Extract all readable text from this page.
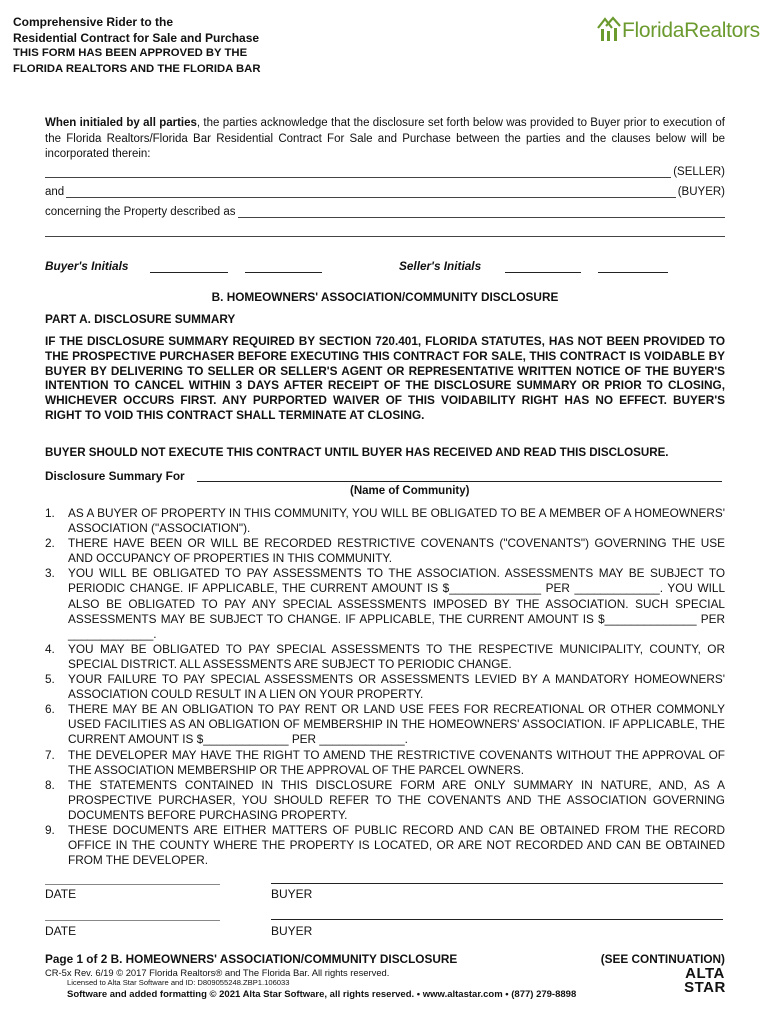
Comprehensive Rider to the
Residential Contract for Sale and Purchase
THIS FORM HAS BEEN APPROVED BY THE
FLORIDA REALTORS AND THE FLORIDA BAR
FloridaRealtors
When initialed by all parties, the parties acknowledge that the disclosure set forth below was provided to Buyer prior to execution of the Florida Realtors/Florida Bar Residential Contract For Sale and Purchase between the parties and the clauses below will be incorporated therein:
(SELLER)
and	(BUYER)
concerning the Property described as
Buyer's Initials	Seller's Initials
B. HOMEOWNERS' ASSOCIATION/COMMUNITY DISCLOSURE
PART A. DISCLOSURE SUMMARY
IF THE DISCLOSURE SUMMARY REQUIRED BY SECTION 720.401, FLORIDA STATUTES, HAS NOT BEEN PROVIDED TO THE PROSPECTIVE PURCHASER BEFORE EXECUTING THIS CONTRACT FOR SALE, THIS CONTRACT IS VOIDABLE BY BUYER BY DELIVERING TO SELLER OR SELLER'S AGENT OR REPRESENTATIVE WRITTEN NOTICE OF THE BUYER'S INTENTION TO CANCEL WITHIN 3 DAYS AFTER RECEIPT OF THE DISCLOSURE SUMMARY OR PRIOR TO CLOSING, WHICHEVER OCCURS FIRST. ANY PURPORTED WAIVER OF THIS VOIDABILITY RIGHT HAS NO EFFECT. BUYER'S RIGHT TO VOID THIS CONTRACT SHALL TERMINATE AT CLOSING.
BUYER SHOULD NOT EXECUTE THIS CONTRACT UNTIL BUYER HAS RECEIVED AND READ THIS DISCLOSURE.
Disclosure Summary For
(Name of Community)
1.	AS A BUYER OF PROPERTY IN THIS COMMUNITY, YOU WILL BE OBLIGATED TO BE A MEMBER OF A HOMEOWNERS' ASSOCIATION ("ASSOCIATION").
2.	THERE HAVE BEEN OR WILL BE RECORDED RESTRICTIVE COVENANTS ("COVENANTS") GOVERNING THE USE AND OCCUPANCY OF PROPERTIES IN THIS COMMUNITY.
3.	YOU WILL BE OBLIGATED TO PAY ASSESSMENTS TO THE ASSOCIATION. ASSESSMENTS MAY BE SUBJECT TO PERIODIC CHANGE. IF APPLICABLE, THE CURRENT AMOUNT IS $______________ PER _____________. YOU WILL ALSO BE OBLIGATED TO PAY ANY SPECIAL ASSESSMENTS IMPOSED BY THE ASSOCIATION. SUCH SPECIAL ASSESSMENTS MAY BE SUBJECT TO CHANGE. IF APPLICABLE, THE CURRENT AMOUNT IS $______________ PER _____________.
4.	YOU MAY BE OBLIGATED TO PAY SPECIAL ASSESSMENTS TO THE RESPECTIVE MUNICIPALITY, COUNTY, OR SPECIAL DISTRICT. ALL ASSESSMENTS ARE SUBJECT TO PERIODIC CHANGE.
5.	YOUR FAILURE TO PAY SPECIAL ASSESSMENTS OR ASSESSMENTS LEVIED BY A MANDATORY HOMEOWNERS' ASSOCIATION COULD RESULT IN A LIEN ON YOUR PROPERTY.
6.	THERE MAY BE AN OBLIGATION TO PAY RENT OR LAND USE FEES FOR RECREATIONAL OR OTHER COMMONLY USED FACILITIES AS AN OBLIGATION OF MEMBERSHIP IN THE HOMEOWNERS' ASSOCIATION. IF APPLICABLE, THE CURRENT AMOUNT IS $_____________ PER _____________.
7.	THE DEVELOPER MAY HAVE THE RIGHT TO AMEND THE RESTRICTIVE COVENANTS WITHOUT THE APPROVAL OF THE ASSOCIATION MEMBERSHIP OR THE APPROVAL OF THE PARCEL OWNERS.
8.	THE STATEMENTS CONTAINED IN THIS DISCLOSURE FORM ARE ONLY SUMMARY IN NATURE, AND, AS A PROSPECTIVE PURCHASER, YOU SHOULD REFER TO THE COVENANTS AND THE ASSOCIATION GOVERNING DOCUMENTS BEFORE PURCHASING PROPERTY.
9.	THESE DOCUMENTS ARE EITHER MATTERS OF PUBLIC RECORD AND CAN BE OBTAINED FROM THE RECORD OFFICE IN THE COUNTY WHERE THE PROPERTY IS LOCATED, OR ARE NOT RECORDED AND CAN BE OBTAINED FROM THE DEVELOPER.
DATE	BUYER
DATE	BUYER
Page 1 of 2 B. HOMEOWNERS' ASSOCIATION/COMMUNITY DISCLOSURE	(SEE CONTINUATION)
CR-5x Rev. 6/19 © 2017 Florida Realtors® and The Florida Bar. All rights reserved.
Licensed to Alta Star Software and ID: D809055248.ZBP1.106033
Software and added formatting © 2021 Alta Star Software, all rights reserved. • www.altastar.com • (877) 279-8898
ALTA
STAR
